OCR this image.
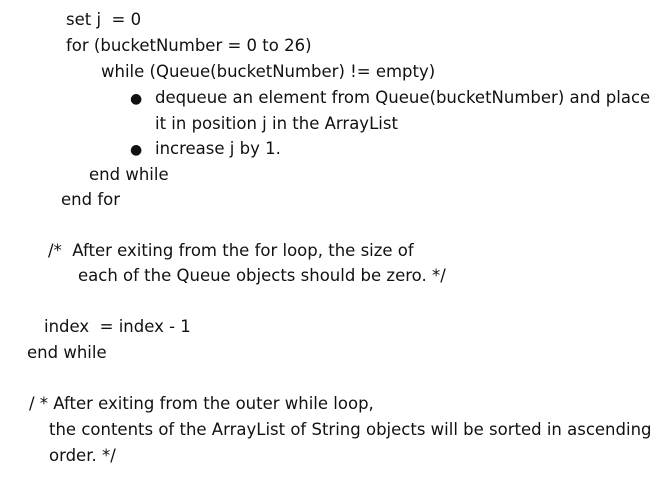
set j  = 0
for (bucketNumber = 0 to 26)
while (Queue(bucketNumber) != empty)
● dequeue an element from Queue(bucketNumber) and place
it in position j in the ArrayList
● increase j by 1.
end while
end for
/*  After exiting from the for loop, the size of
each of the Queue objects should be zero. */
index  = index - 1
end while
/ * After exiting from the outer while loop,
the contents of the ArrayList of String objects will be sorted in ascending
order. */
